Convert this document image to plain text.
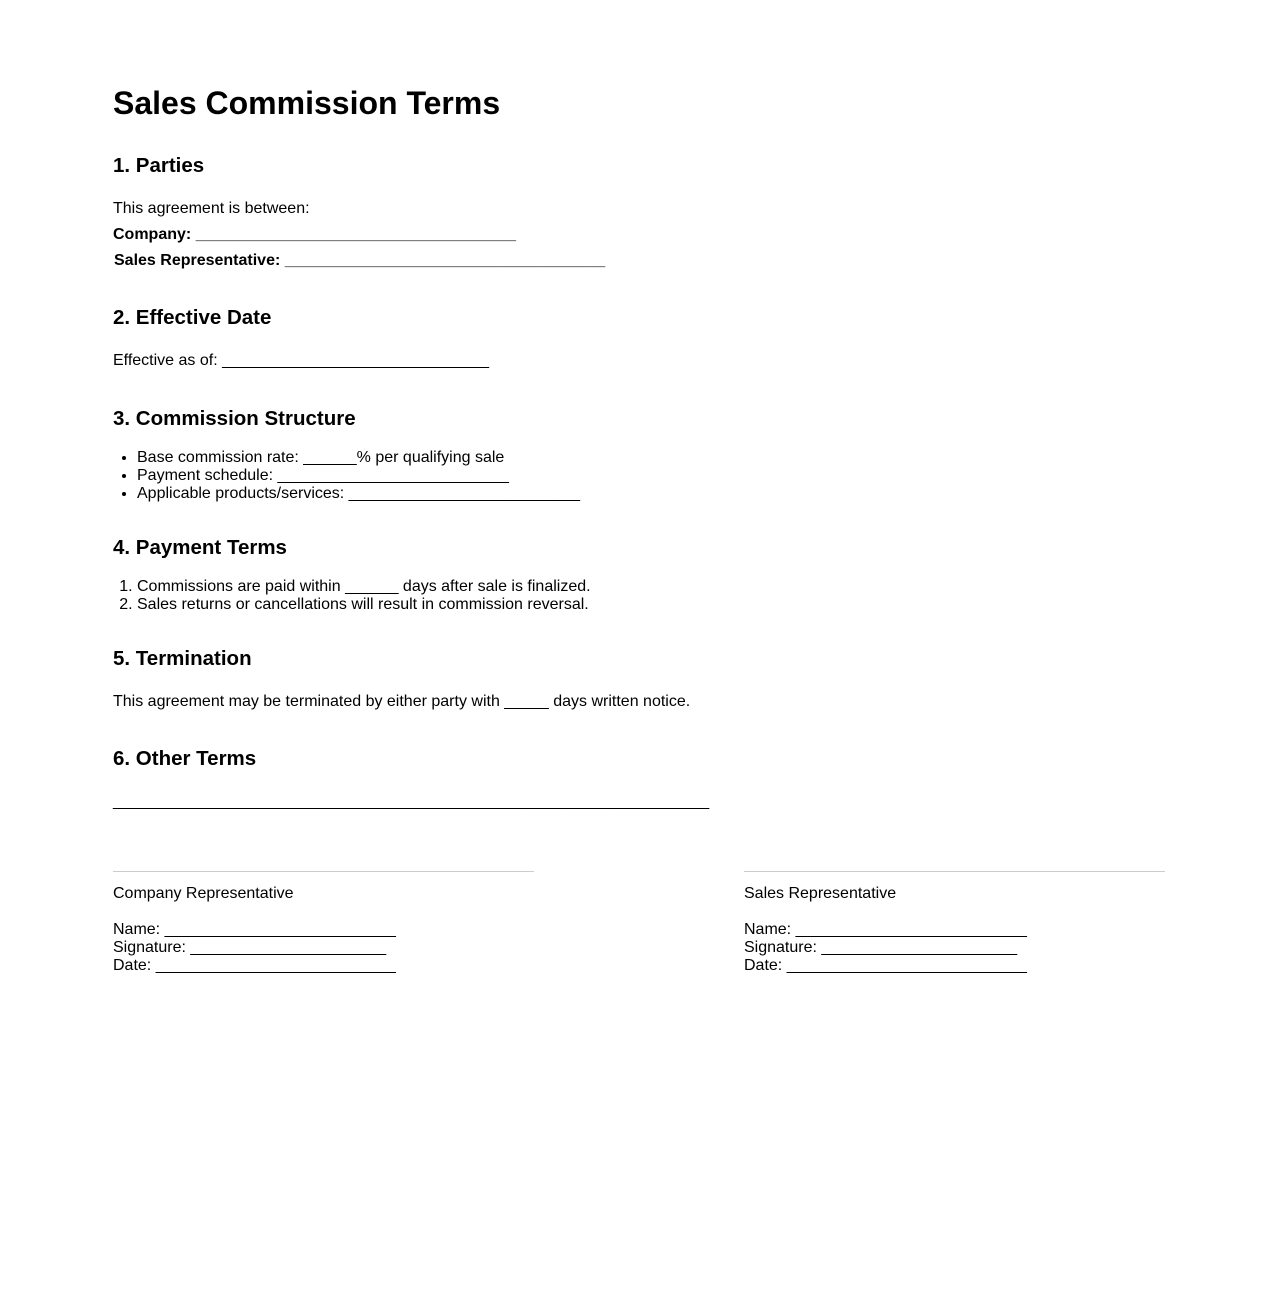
Sales Commission Terms
1. Parties
This agreement is between:
Company: ____________________________________
Sales Representative: ____________________________________
2. Effective Date
Effective as of: ______________________________
3. Commission Structure
• Base commission rate: ______% per qualifying sale
• Payment schedule: __________________________
• Applicable products/services: __________________________
4. Payment Terms
1. Commissions are paid within ______ days after sale is finalized.
2. Sales returns or cancellations will result in commission reversal.
5. Termination
This agreement may be terminated by either party with _____ days written notice.
6. Other Terms
___________________________________________________________________
Company Representative
Name: __________________________
Signature: ______________________
Date: ___________________________
Sales Representative
Name: __________________________
Signature: ______________________
Date: ___________________________
